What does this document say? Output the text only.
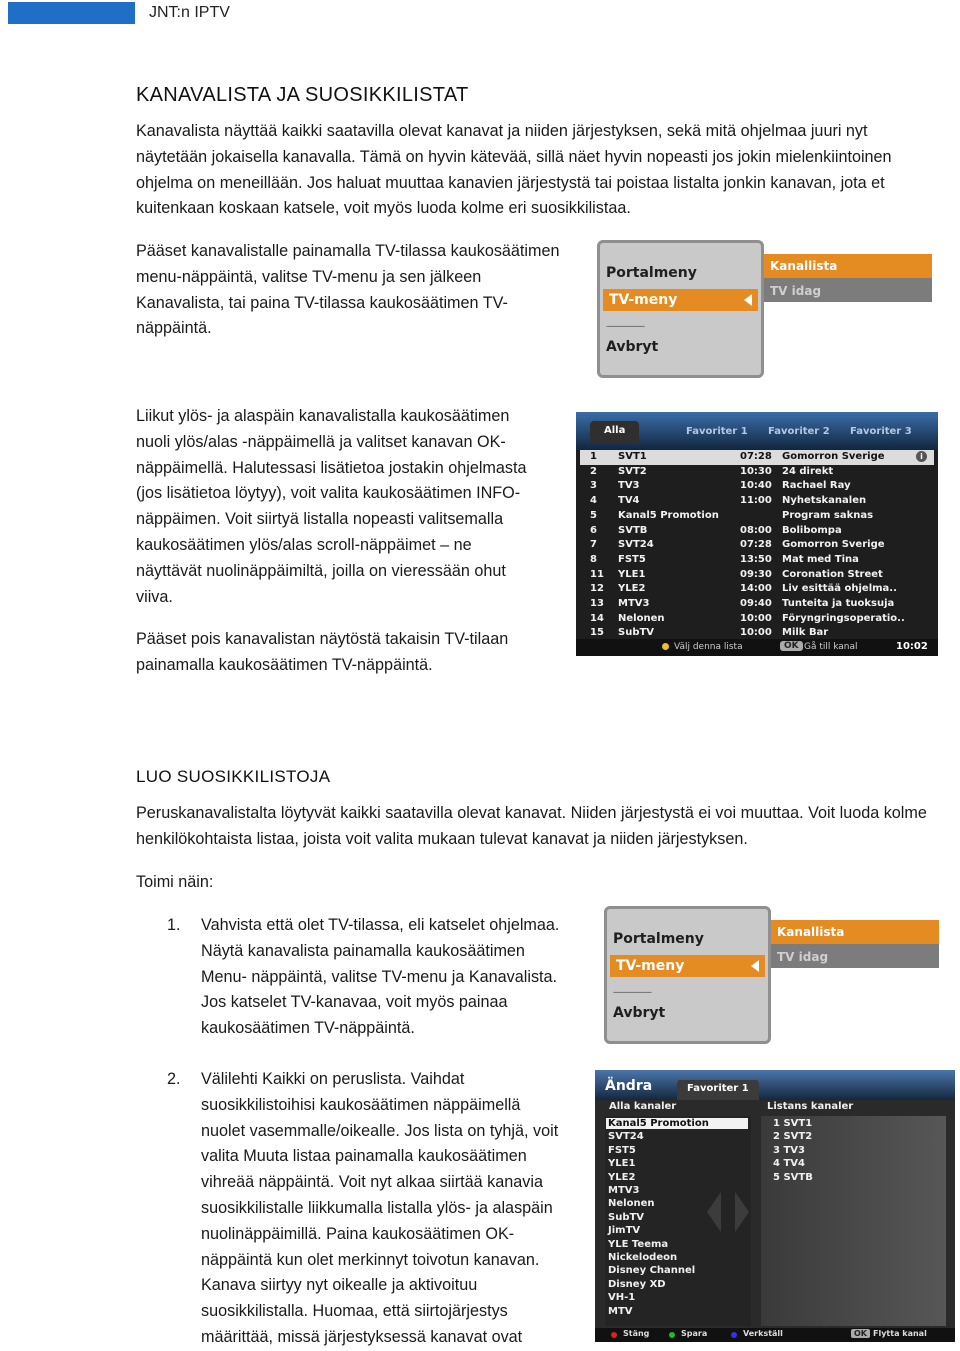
JNT:n IPTV
KANAVALISTA JA SUOSIKKILISTAT

Kanavalista näyttää kaikki saatavilla olevat kanavat ja niiden järjestyksen, sekä mitä ohjelmaa juuri nyt

näytetään jokaisella kanavalla. Tämä on hyvin kätevää, sillä näet hyvin nopeasti jos jokin mielenkiintoinen

ohjelma on meneillään. Jos haluat muuttaa kanavien järjestystä tai poistaa listalta jonkin kanavan, jota et

kuitenkaan koskaan katsele, voit myös luoda kolme eri suosikkilistaa.

Pääset kanavalistalle painamalla TV-tilassa kaukosäätimen

menu-näppäintä, valitse TV-menu ja sen jälkeen

Kanavalista, tai paina TV-tilassa kaukosäätimen TV-

näppäintä.

Portalmeny
TV-meny
-------------------
Avbryt
Kanallista
TV idag

Liikut ylös- ja alaspäin kanavalistalla kaukosäätimen

nuoli ylös/alas -näppäimellä ja valitset kanavan OK-

näppäimellä. Halutessasi lisätietoa jostakin ohjelmasta

(jos lisätietoa löytyy), voit valita kaukosäätimen INFO-

näppäimen. Voit siirtyä listalla nopeasti valitsemalla

kaukosäätimen ylös/alas scroll-näppäimet – ne

näyttävät nuolinäppäimiltä, joilla on vieressään ohut

viiva.

Pääset pois kanavalistan näytöstä takaisin TV-tilaan

painamalla kaukosäätimen TV-näppäintä.

Alla	Favoriter 1 Favoriter 2 Favoriter 3
1 SVT1	07:28 Gomorron Sverige	i
2 SVT2	10:30 24 direkt
3 TV3	10:40 Rachael Ray
4 TV4	11:00 Nyhetskanalen
5 Kanal5 Promotion	Program saknas
6 SVTB	08:00 Bolibompa
7 SVT24	07:28 Gomorron Sverige
8 FST5	13:50 Mat med Tina
11 YLE1	09:30 Coronation Street
12 YLE2	14:00 Liv esittää ohjelma..
13 MTV3	09:40 Tunteita ja tuoksuja
14 Nelonen	10:00 Föryngringsoperatio..
15 SubTV	10:00 Milk Bar
Välj denna lista	OK Gå till kanal	10:02
LUO SUOSIKKILISTOJA

Peruskanavalistalta löytyvät kaikki saatavilla olevat kanavat. Niiden järjestystä ei voi muuttaa. Voit luoda kolme

henkilökohtaista listaa, joista voit valita mukaan tulevat kanavat ja niiden järjestyksen.

Toimi näin:
1. Vahvista että olet TV-tilassa, eli katselet ohjelmaa.

Näytä kanavalista painamalla kaukosäätimen

Menu- näppäintä, valitse TV-menu ja Kanavalista.

Jos katselet TV-kanavaa, voit myös painaa

kaukosäätimen TV-näppäintä.

Portalmeny
TV-meny
-------------------
Avbryt
Kanallista
TV idag
2. Välilehti Kaikki on peruslista. Vaihdat

suosikkilistoihisi kaukosäätimen näppäimellä

nuolet vasemmalle/oikealle. Jos lista on tyhjä, voit

valita Muuta listaa painamalla kaukosäätimen

vihreää näppäintä. Voit nyt alkaa siirtää kanavia

suosikkilistalle liikkumalla listalla ylös- ja alaspäin

nuolinäppäimillä. Paina kaukosäätimen OK-

näppäintä kun olet merkinnyt toivotun kanavan.

Kanava siirtyy nyt oikealle ja aktivoituu

suosikkilistalla. Huomaa, että siirtojärjestys

määrittää, missä järjestyksessä kanavat ovat

Ändra	Favoriter 1
Alla kanaler	Listans kanaler
Kanal5 Promotion
SVT24
FST5
YLE1
YLE2
MTV3
Nelonen
SubTV
JimTV
YLE Teema
Nickelodeon
Disney Channel
Disney XD
VH-1
MTV
1 SVT1
2 SVT2
3 TV3
4 TV4
5 SVTB
Stäng	Spara	Verkställ	OK Flytta kanal
